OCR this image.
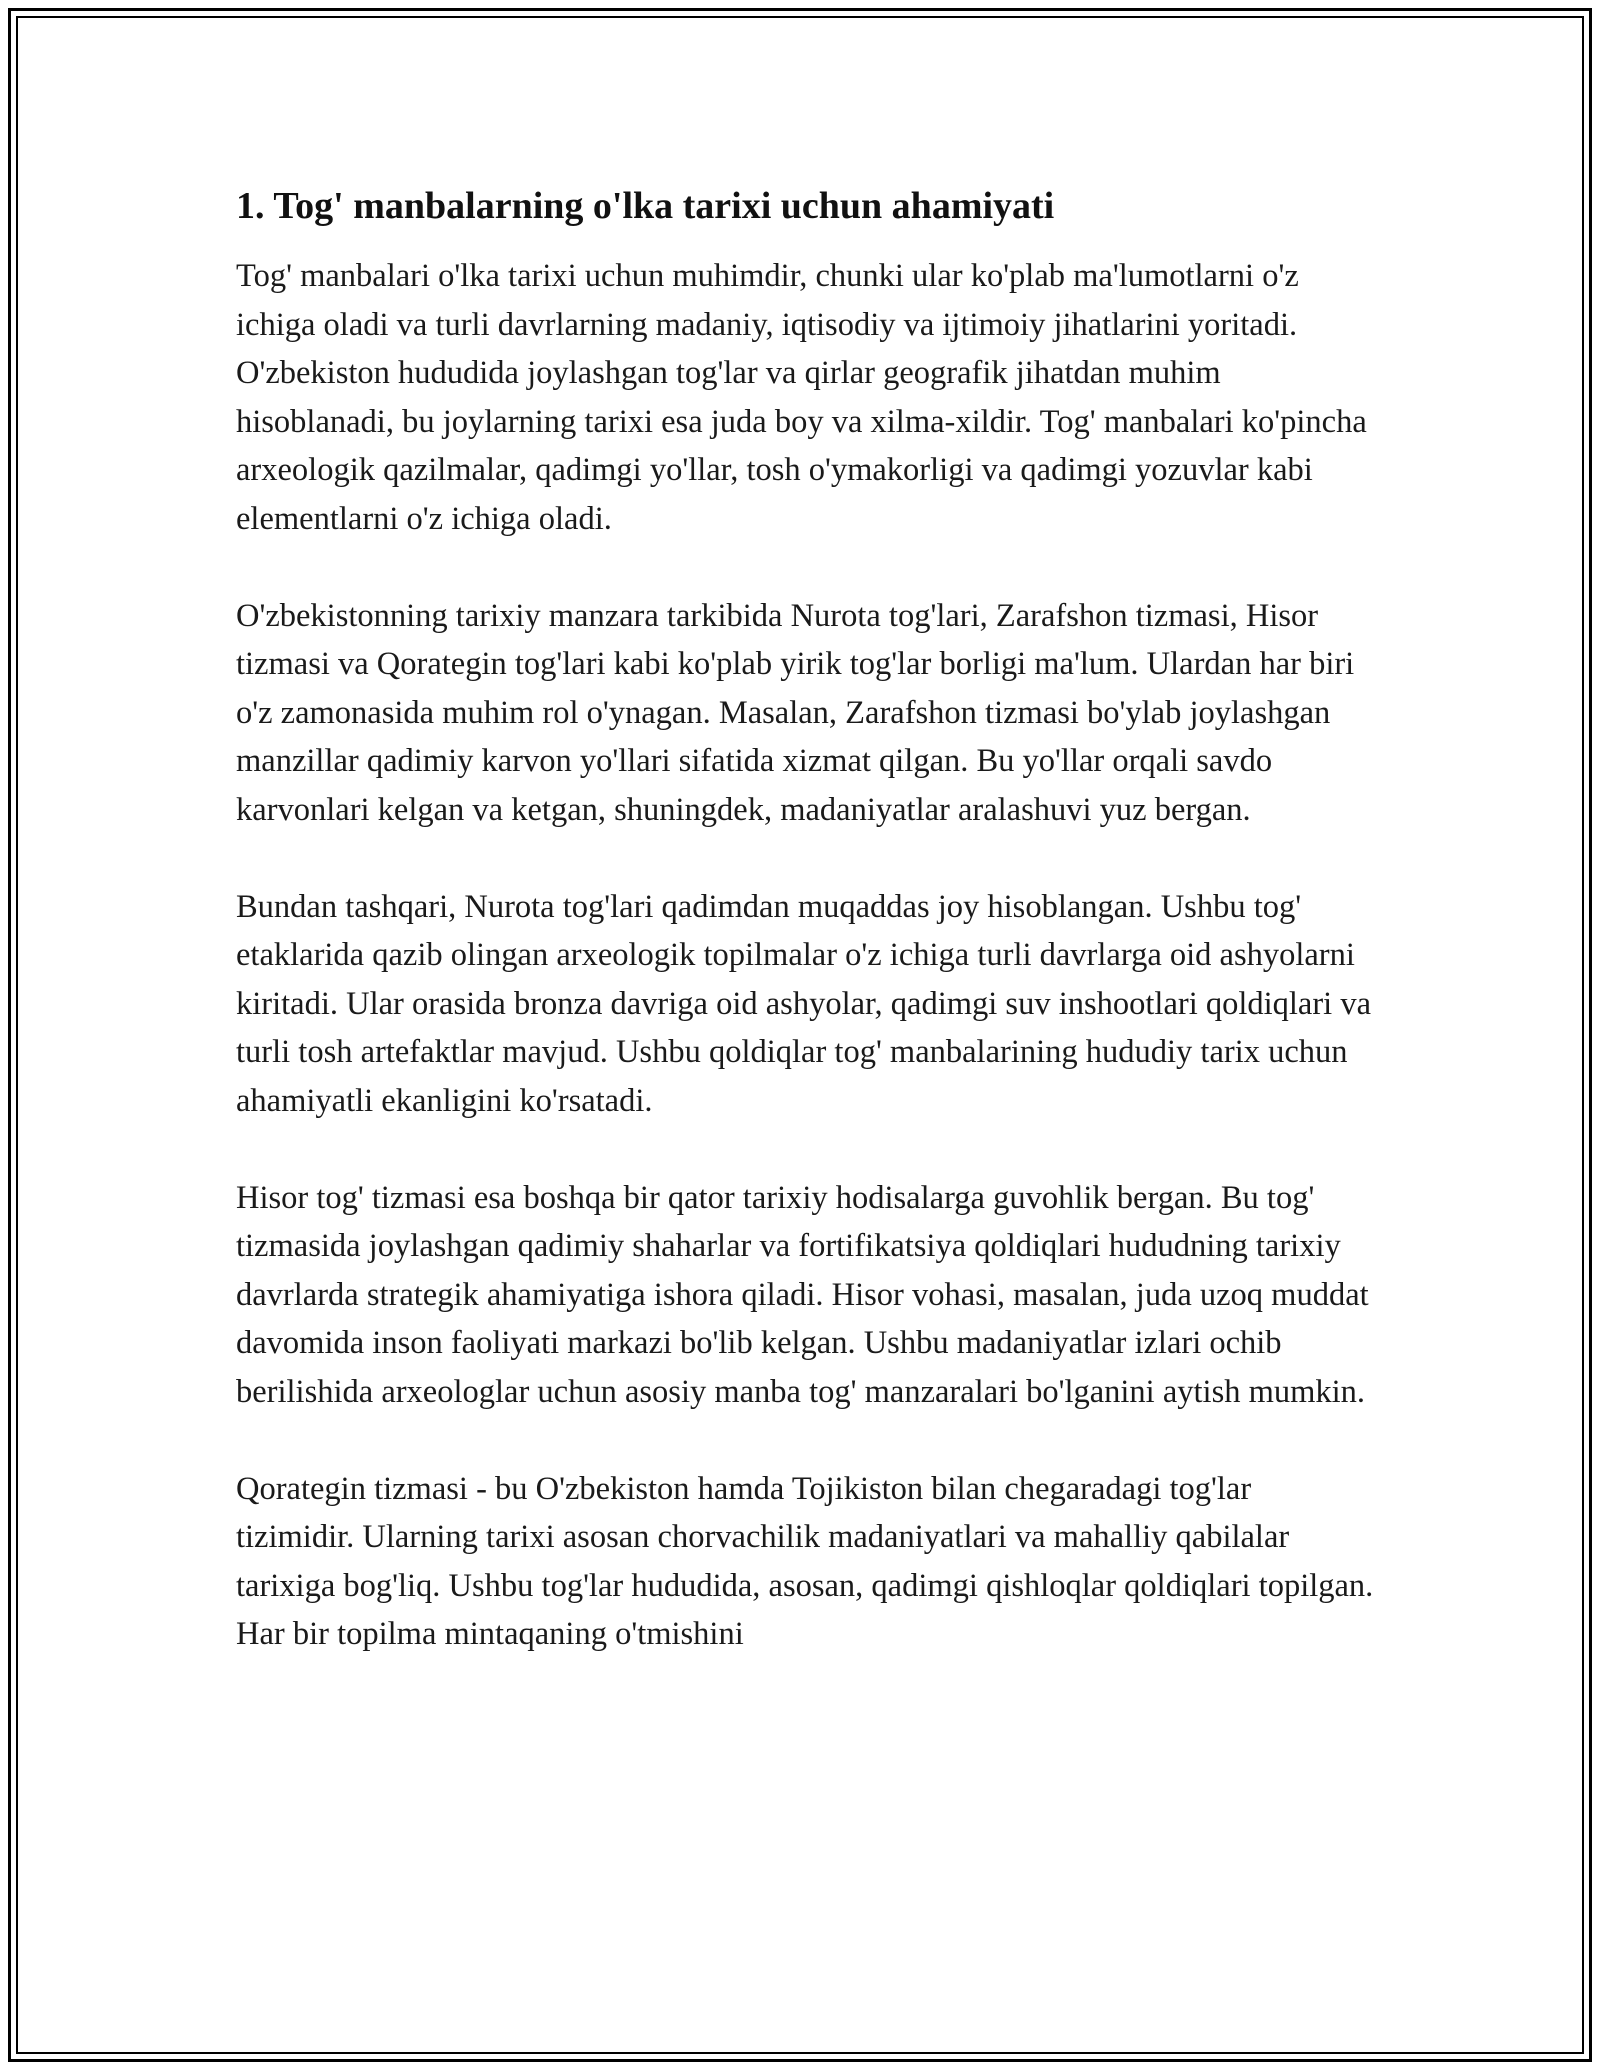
1. Tog' manbalarning o'lka tarixi uchun ahamiyati

Tog' manbalari o'lka tarixi uchun muhimdir, chunki ular ko'plab ma'lumotlarni o'z ichiga oladi va turli davrlarning madaniy, iqtisodiy va ijtimoiy jihatlarini yoritadi. O'zbekiston hududida joylashgan tog'lar va qirlar geografik jihatdan muhim hisoblanadi, bu joylarning tarixi esa juda boy va xilma-xildir. Tog' manbalari ko'pincha arxeologik qazilmalar, qadimgi yo'llar, tosh o'ymakorligi va qadimgi yozuvlar kabi elementlarni o'z ichiga oladi.

O'zbekistonning tarixiy manzara tarkibida Nurota tog'lari, Zarafshon tizmasi, Hisor tizmasi va Qorategin tog'lari kabi ko'plab yirik tog'lar borligi ma'lum. Ulardan har biri o'z zamonasida muhim rol o'ynagan. Masalan, Zarafshon tizmasi bo'ylab joylashgan manzillar qadimiy karvon yo'llari sifatida xizmat qilgan. Bu yo'llar orqali savdo karvonlari kelgan va ketgan, shuningdek, madaniyatlar aralashuvi yuz bergan.

Bundan tashqari, Nurota tog'lari qadimdan muqaddas joy hisoblangan. Ushbu tog' etaklarida qazib olingan arxeologik topilmalar o'z ichiga turli davrlarga oid ashyolarni kiritadi. Ular orasida bronza davriga oid ashyolar, qadimgi suv inshootlari qoldiqlari va turli tosh artefaktlar mavjud. Ushbu qoldiqlar tog' manbalarining hududiy tarix uchun ahamiyatli ekanligini ko'rsatadi.

Hisor tog' tizmasi esa boshqa bir qator tarixiy hodisalarga guvohlik bergan. Bu tog' tizmasida joylashgan qadimiy shaharlar va fortifikatsiya qoldiqlari hududning tarixiy davrlarda strategik ahamiyatiga ishora qiladi. Hisor vohasi, masalan, juda uzoq muddat davomida inson faoliyati markazi bo'lib kelgan. Ushbu madaniyatlar izlari ochib berilishida arxeologlar uchun asosiy manba tog' manzaralari bo'lganini aytish mumkin.

Qorategin tizmasi - bu O'zbekiston hamda Tojikiston bilan chegaradagi tog'lar tizimidir. Ularning tarixi asosan chorvachilik madaniyatlari va mahalliy qabilalar tarixiga bog'liq. Ushbu tog'lar hududida, asosan, qadimgi qishloqlar qoldiqlari topilgan. Har bir topilma mintaqaning o'tmishini
